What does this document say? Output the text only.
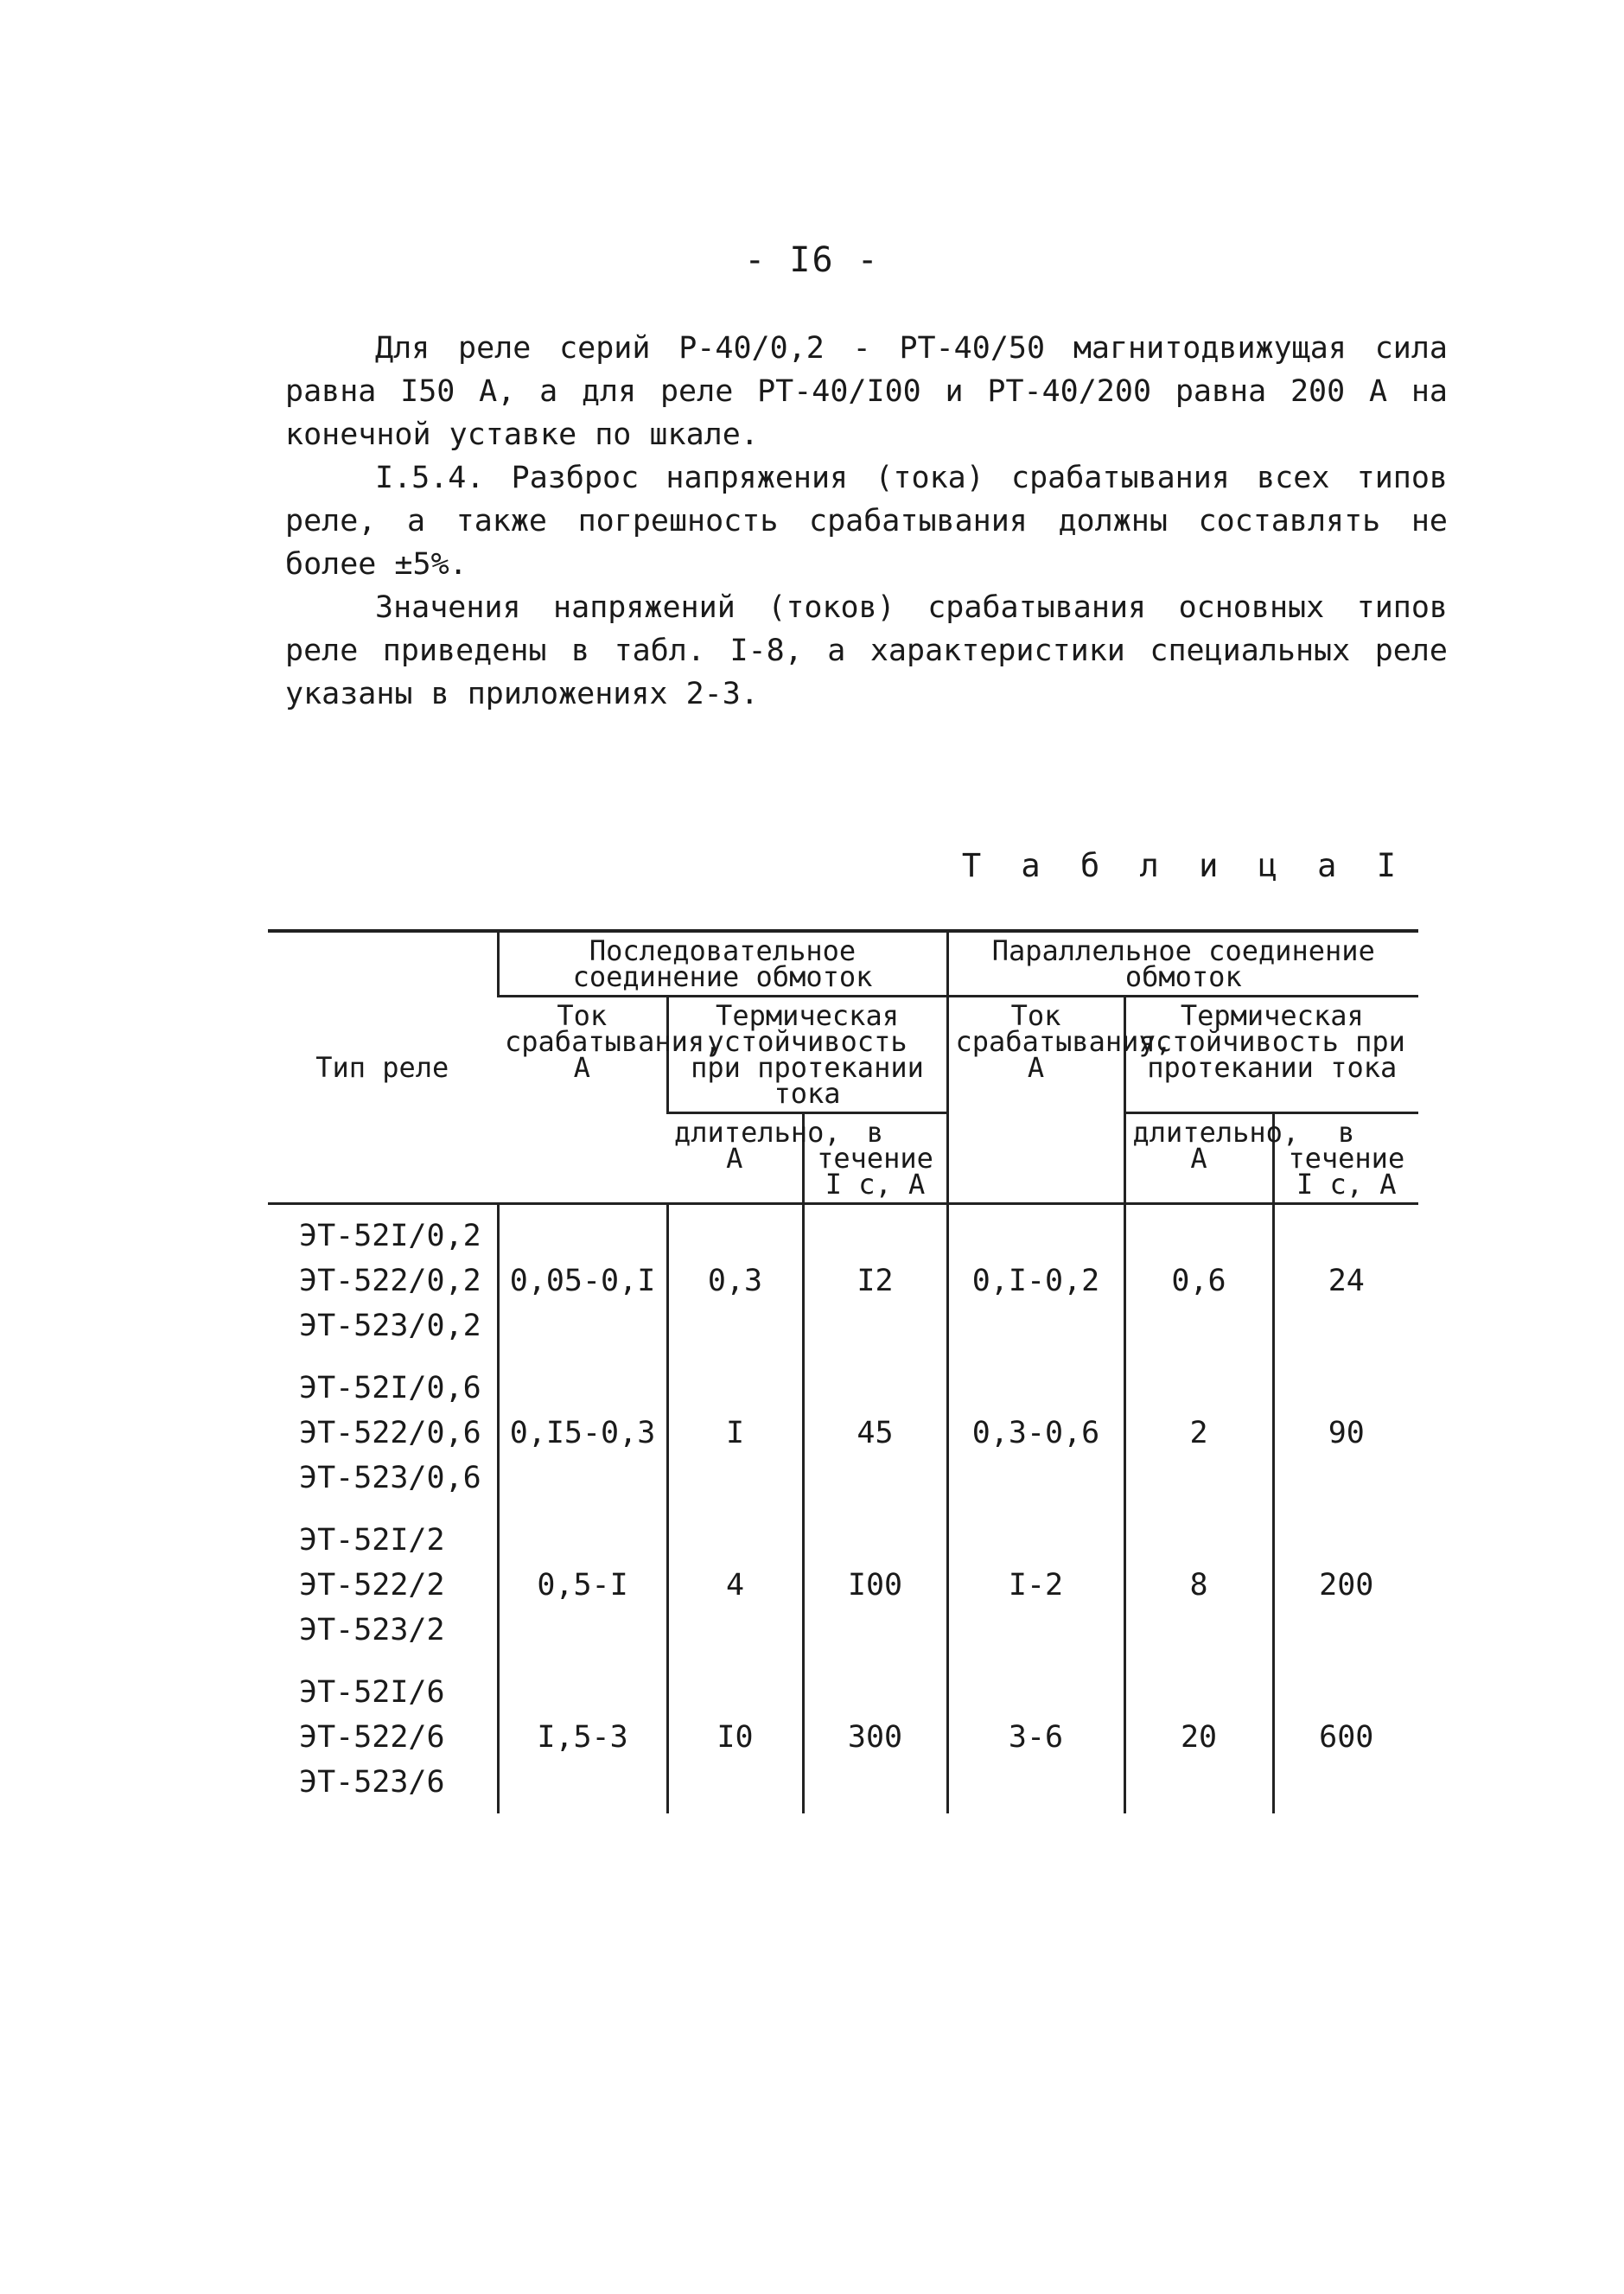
- I6 -

Для реле серий Р-40/0,2 - РТ-40/50 магнитодвижущая сила равна I50 А, а для реле РТ-40/I00 и РТ-40/200 равна 200 А на конечной уставке по шкале.

I.5.4. Разброс напряжения (тока) срабатывания всех типов реле, а также погрешность срабатывания должны составлять не более ±5%.

Значения напряжений (токов) срабатывания основных типов реле приведены в табл. I-8, а характеристики специальных реле указаны в приложениях 2-3.

Т а б л и ц а I
Тип реле	Последовательное соединение обмоток			Параллельное соединение обмоток		
	Ток срабатывания, А	Термическая устойчивость при протекании тока		Ток срабатывания, А	Термическая устойчивость при протекании тока	
		длительно, А	в течение I с, А		длительно, А	в течение I с, А

ЭТ-52I/0,2
ЭТ-522/0,2
ЭТ-523/0,2	0,05-0,I	0,3	I2	0,I-0,2	0,6	24

ЭТ-52I/0,6
ЭТ-522/0,6
ЭТ-523/0,6	0,I5-0,3	I	45	0,3-0,6	2	90

ЭТ-52I/2
ЭТ-522/2
ЭТ-523/2	0,5-I	4	I00	I-2	8	200

ЭТ-52I/6
ЭТ-522/6
ЭТ-523/6	I,5-3	I0	300	3-6	20	600
